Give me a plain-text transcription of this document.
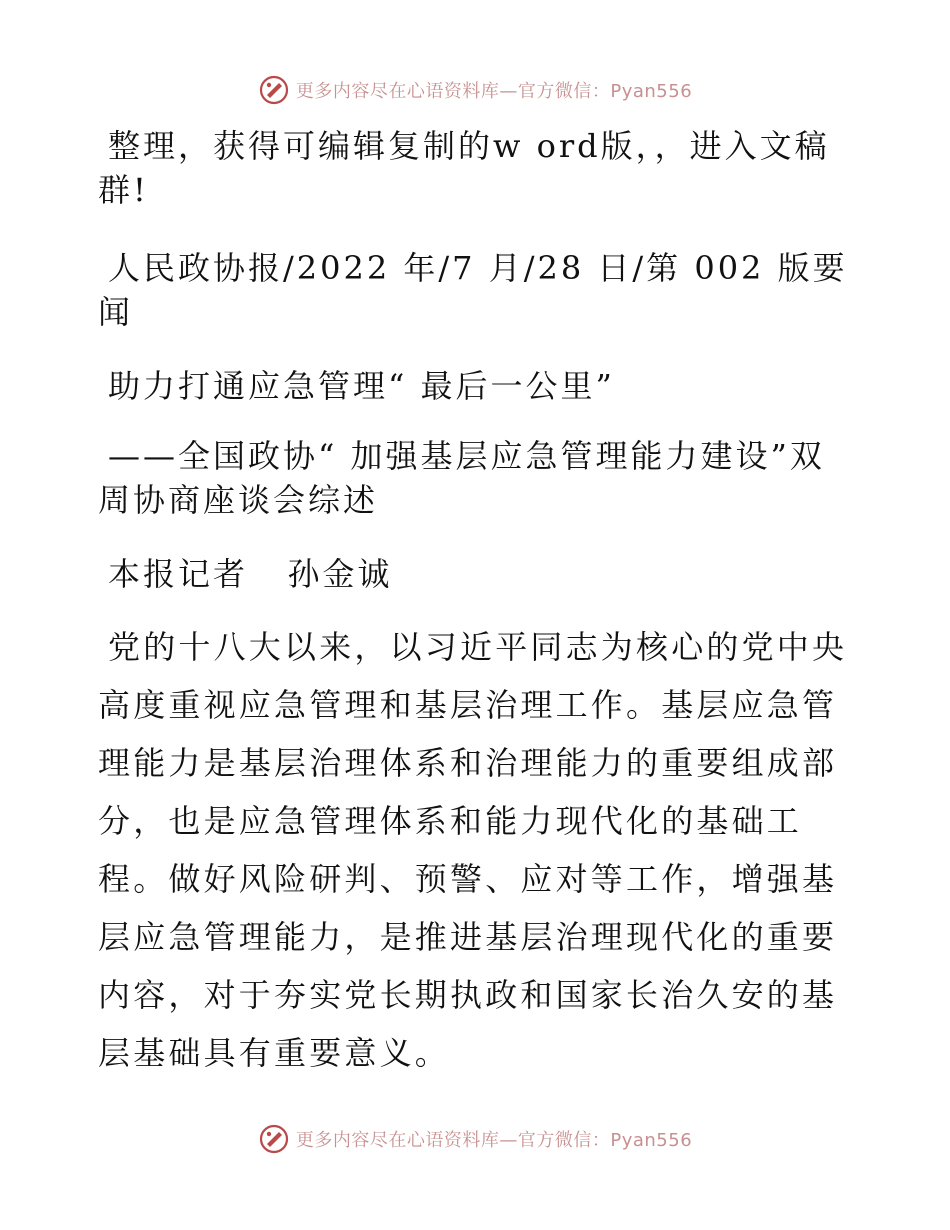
更多内容尽在心语资料库—官方微信：Pyan556

整理，获得可编辑复制的w ord版，，进入文稿群!

人民政协报/2022 年/7 月/28 日/第 002 版要闻

助力打通应急管理“ 最后一公里”

——全国政协“ 加强基层应急管理能力建设”双周协商座谈会综述

本报记者   孙金诚

党的十八大以来，以习近平同志为核心的党中央高度重视应急管理和基层治理工作。基层应急管理能力是基层治理体系和治理能力的重要组成部分，也是应急管理体系和能力现代化的基础工程。做好风险研判、预警、应对等工作，增强基层应急管理能力，是推进基层治理现代化的重要内容，对于夯实党长期执政和国家长治久安的基层基础具有重要意义。

更多内容尽在心语资料库—官方微信：Pyan556
